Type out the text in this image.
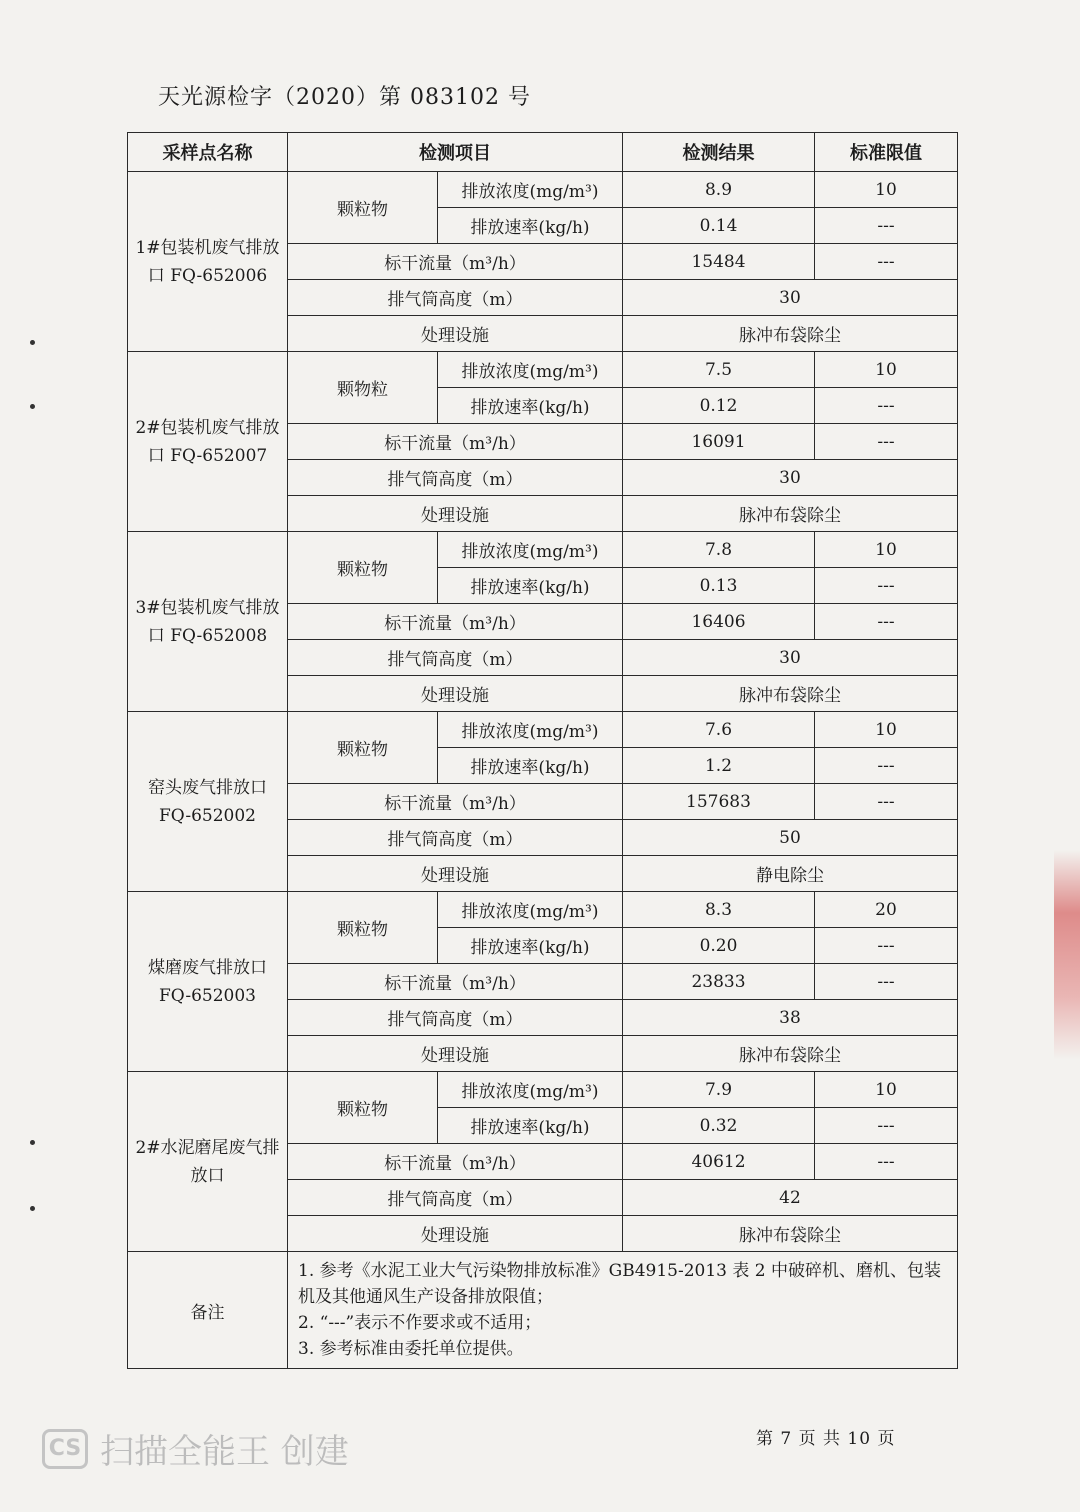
天光源检字（2020）第 083102 号
采样点名称	检测项目		检测结果	标准限值
1#包装机废气排放口 FQ-652006	颗粒物	排放浓度(mg/m³)	8.9	10
		排放速率(kg/h)	0.14	---
	标干流量（m³/h）		15484	---
	排气筒高度（m）		30	
	处理设施		脉冲布袋除尘	
2#包装机废气排放口 FQ-652007	颗物粒	排放浓度(mg/m³)	7.5	10
		排放速率(kg/h)	0.12	---
	标干流量（m³/h）		16091	---
	排气筒高度（m）		30	
	处理设施		脉冲布袋除尘	
3#包装机废气排放口 FQ-652008	颗粒物	排放浓度(mg/m³)	7.8	10
		排放速率(kg/h)	0.13	---
	标干流量（m³/h）		16406	---
	排气筒高度（m）		30	
	处理设施		脉冲布袋除尘	
窑头废气排放口 FQ-652002	颗粒物	排放浓度(mg/m³)	7.6	10
		排放速率(kg/h)	1.2	---
	标干流量（m³/h）		157683	---
	排气筒高度（m）		50	
	处理设施		静电除尘	
煤磨废气排放口 FQ-652003	颗粒物	排放浓度(mg/m³)	8.3	20
		排放速率(kg/h)	0.20	---
	标干流量（m³/h）		23833	---
	排气筒高度（m）		38	
	处理设施		脉冲布袋除尘	
2#水泥磨尾废气排放口	颗粒物	排放浓度(mg/m³)	7.9	10
		排放速率(kg/h)	0.32	---
	标干流量（m³/h）		40612	---
	排气筒高度（m）		42	
	处理设施		脉冲布袋除尘	
备注	1. 参考《水泥工业大气污染物排放标准》GB4915-2013 表 2 中破碎机、磨机、包装机及其他通风生产设备排放限值；
2. “---”表示不作要求或不适用；
3. 参考标准由委托单位提供。			
第 7 页 共 10 页
CS 扫描全能王 创建
